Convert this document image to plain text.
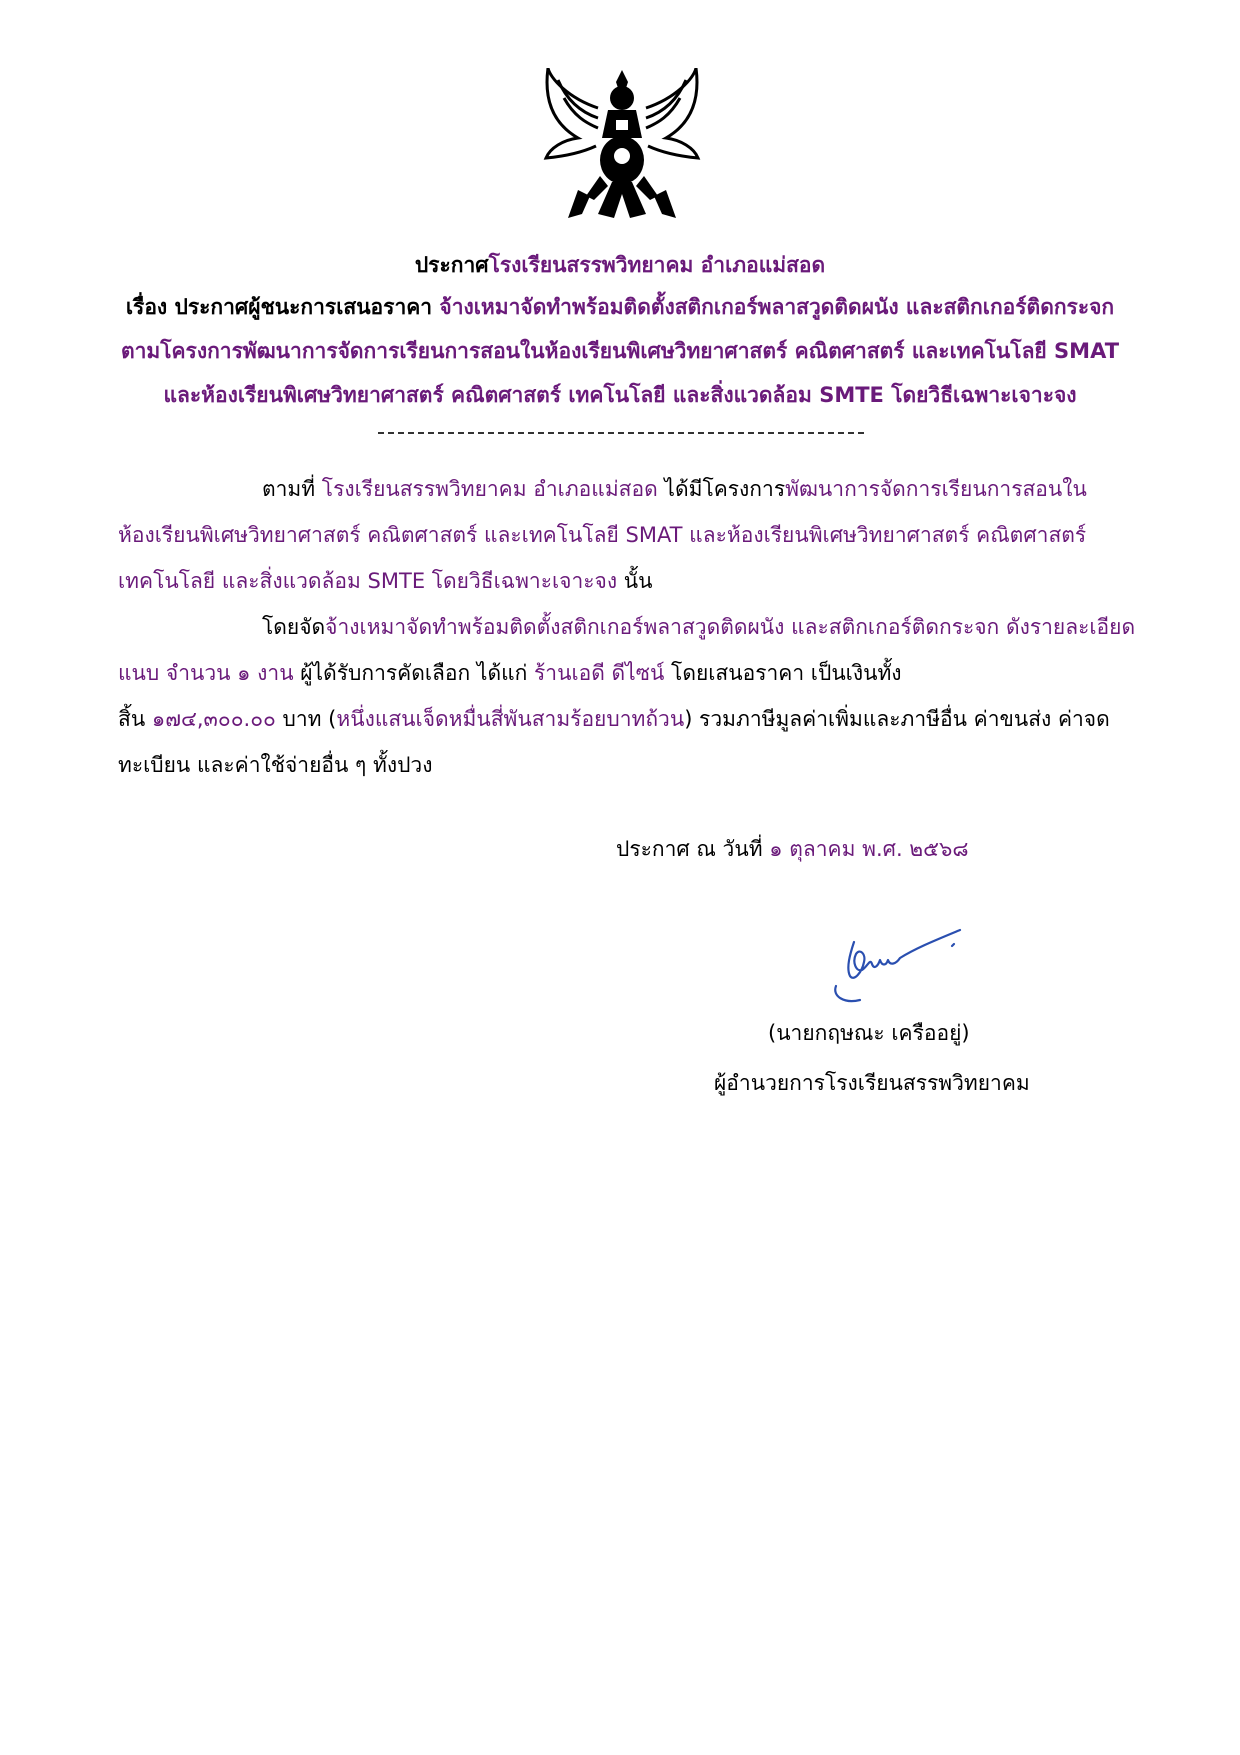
ประกาศโรงเรียนสรรพวิทยาคม อำเภอแม่สอด
เรื่อง ประกาศผู้ชนะการเสนอราคา จ้างเหมาจัดทำพร้อมติดตั้งสติกเกอร์พลาสวูดติดผนัง และสติกเกอร์ติดกระจก
ตามโครงการพัฒนาการจัดการเรียนการสอนในห้องเรียนพิเศษวิทยาศาสตร์ คณิตศาสตร์ และเทคโนโลยี SMAT
และห้องเรียนพิเศษวิทยาศาสตร์ คณิตศาสตร์ เทคโนโลยี และสิ่งแวดล้อม SMTE โดยวิธีเฉพาะเจาะจง
ตามที่ โรงเรียนสรรพวิทยาคม อำเภอแม่สอด ได้มีโครงการพัฒนาการจัดการเรียนการสอนใน
ห้องเรียนพิเศษวิทยาศาสตร์ คณิตศาสตร์ และเทคโนโลยี SMAT และห้องเรียนพิเศษวิทยาศาสตร์ คณิตศาสตร์
เทคโนโลยี และสิ่งแวดล้อม SMTE โดยวิธีเฉพาะเจาะจง นั้น
โดยจัดจ้างเหมาจัดทำพร้อมติดตั้งสติกเกอร์พลาสวูดติดผนัง และสติกเกอร์ติดกระจก ดังรายละเอียด
แนบ จำนวน ๑ งาน ผู้ได้รับการคัดเลือก ได้แก่ ร้านเอดี ดีไซน์ โดยเสนอราคา เป็นเงินทั้ง
สิ้น ๑๗๔,๓๐๐.๐๐ บาท (หนึ่งแสนเจ็ดหมื่นสี่พันสามร้อยบาทถ้วน) รวมภาษีมูลค่าเพิ่มและภาษีอื่น ค่าขนส่ง ค่าจด
ทะเบียน และค่าใช้จ่ายอื่น ๆ ทั้งปวง
ประกาศ ณ วันที่ ๑ ตุลาคม พ.ศ. ๒๕๖๘
(นายกฤษณะ เครืออยู่)
ผู้อำนวยการโรงเรียนสรรพวิทยาคม
